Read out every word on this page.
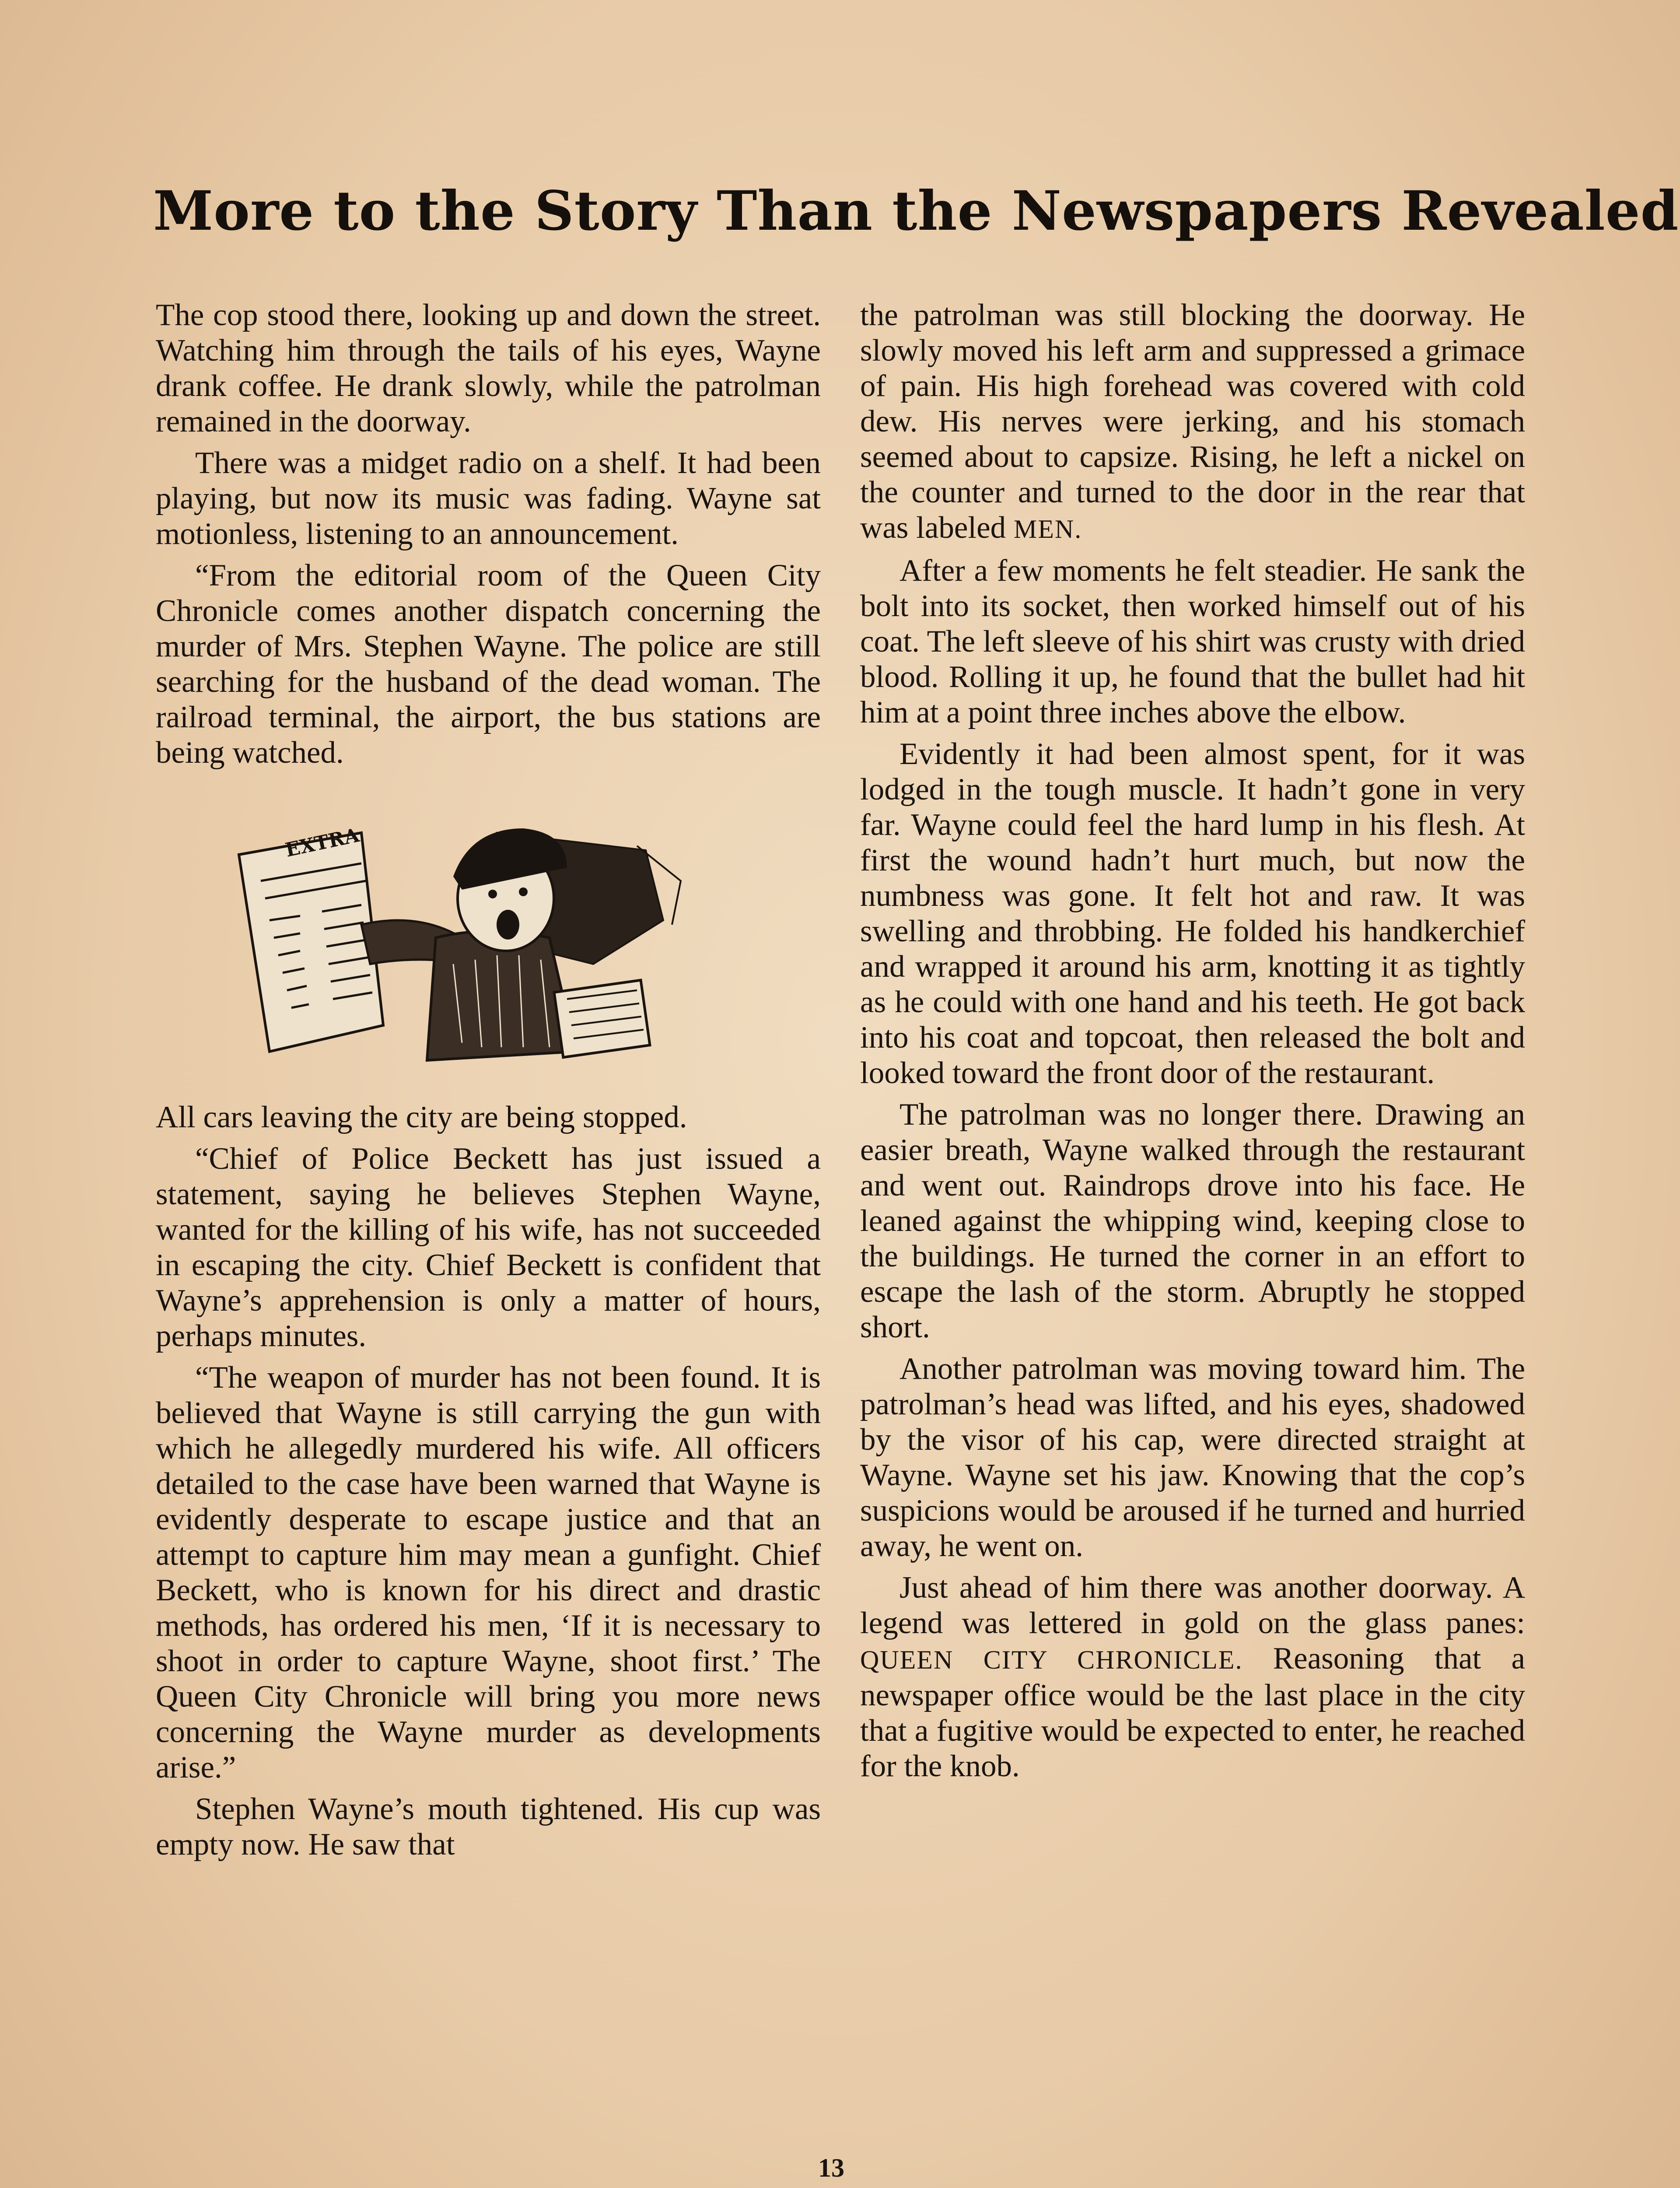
More to the Story Than the Newspapers Revealed

The cop stood there, looking up and down the street. Watching him through the tails of his eyes, Wayne drank coffee. He drank slowly, while the patrolman remained in the doorway.

There was a midget radio on a shelf. It had been playing, but now its music was fading. Wayne sat motionless, listening to an announcement.

“From the editorial room of the Queen City Chronicle comes another dispatch concerning the murder of Mrs. Stephen Wayne. The police are still searching for the husband of the dead woman. The railroad terminal, the airport, the bus stations are being watched.

EXTRA

All cars leaving the city are being stopped.

“Chief of Police Beckett has just issued a statement, saying he believes Stephen Wayne, wanted for the killing of his wife, has not succeeded in escaping the city. Chief Beckett is confident that Wayne’s apprehension is only a matter of hours, perhaps minutes.

“The weapon of murder has not been found. It is believed that Wayne is still carrying the gun with which he allegedly murdered his wife. All officers detailed to the case have been warned that Wayne is evidently desperate to escape justice and that an attempt to capture him may mean a gunfight. Chief Beckett, who is known for his direct and drastic methods, has ordered his men, ‘If it is necessary to shoot in order to capture Wayne, shoot first.’ The Queen City Chronicle will bring you more news concerning the Wayne murder as developments arise.”

Stephen Wayne’s mouth tightened. His cup was empty now. He saw that

the patrolman was still blocking the doorway. He slowly moved his left arm and suppressed a grimace of pain. His high forehead was covered with cold dew. His nerves were jerking, and his stomach seemed about to capsize. Rising, he left a nickel on the counter and turned to the door in the rear that was labeled MEN.

After a few moments he felt steadier. He sank the bolt into its socket, then worked himself out of his coat. The left sleeve of his shirt was crusty with dried blood. Rolling it up, he found that the bullet had hit him at a point three inches above the elbow.

Evidently it had been almost spent, for it was lodged in the tough muscle. It hadn’t gone in very far. Wayne could feel the hard lump in his flesh. At first the wound hadn’t hurt much, but now the numbness was gone. It felt hot and raw. It was swelling and throbbing. He folded his handkerchief and wrapped it around his arm, knotting it as tightly as he could with one hand and his teeth. He got back into his coat and topcoat, then released the bolt and looked toward the front door of the restaurant.

The patrolman was no longer there. Drawing an easier breath, Wayne walked through the restaurant and went out. Raindrops drove into his face. He leaned against the whipping wind, keeping close to the buildings. He turned the corner in an effort to escape the lash of the storm. Abruptly he stopped short.

Another patrolman was moving toward him. The patrolman’s head was lifted, and his eyes, shadowed by the visor of his cap, were directed straight at Wayne. Wayne set his jaw. Knowing that the cop’s suspicions would be aroused if he turned and hurried away, he went on.

Just ahead of him there was another doorway. A legend was lettered in gold on the glass panes: QUEEN CITY CHRONICLE. Reasoning that a newspaper office would be the last place in the city that a fugitive would be expected to enter, he reached for the knob.

13
